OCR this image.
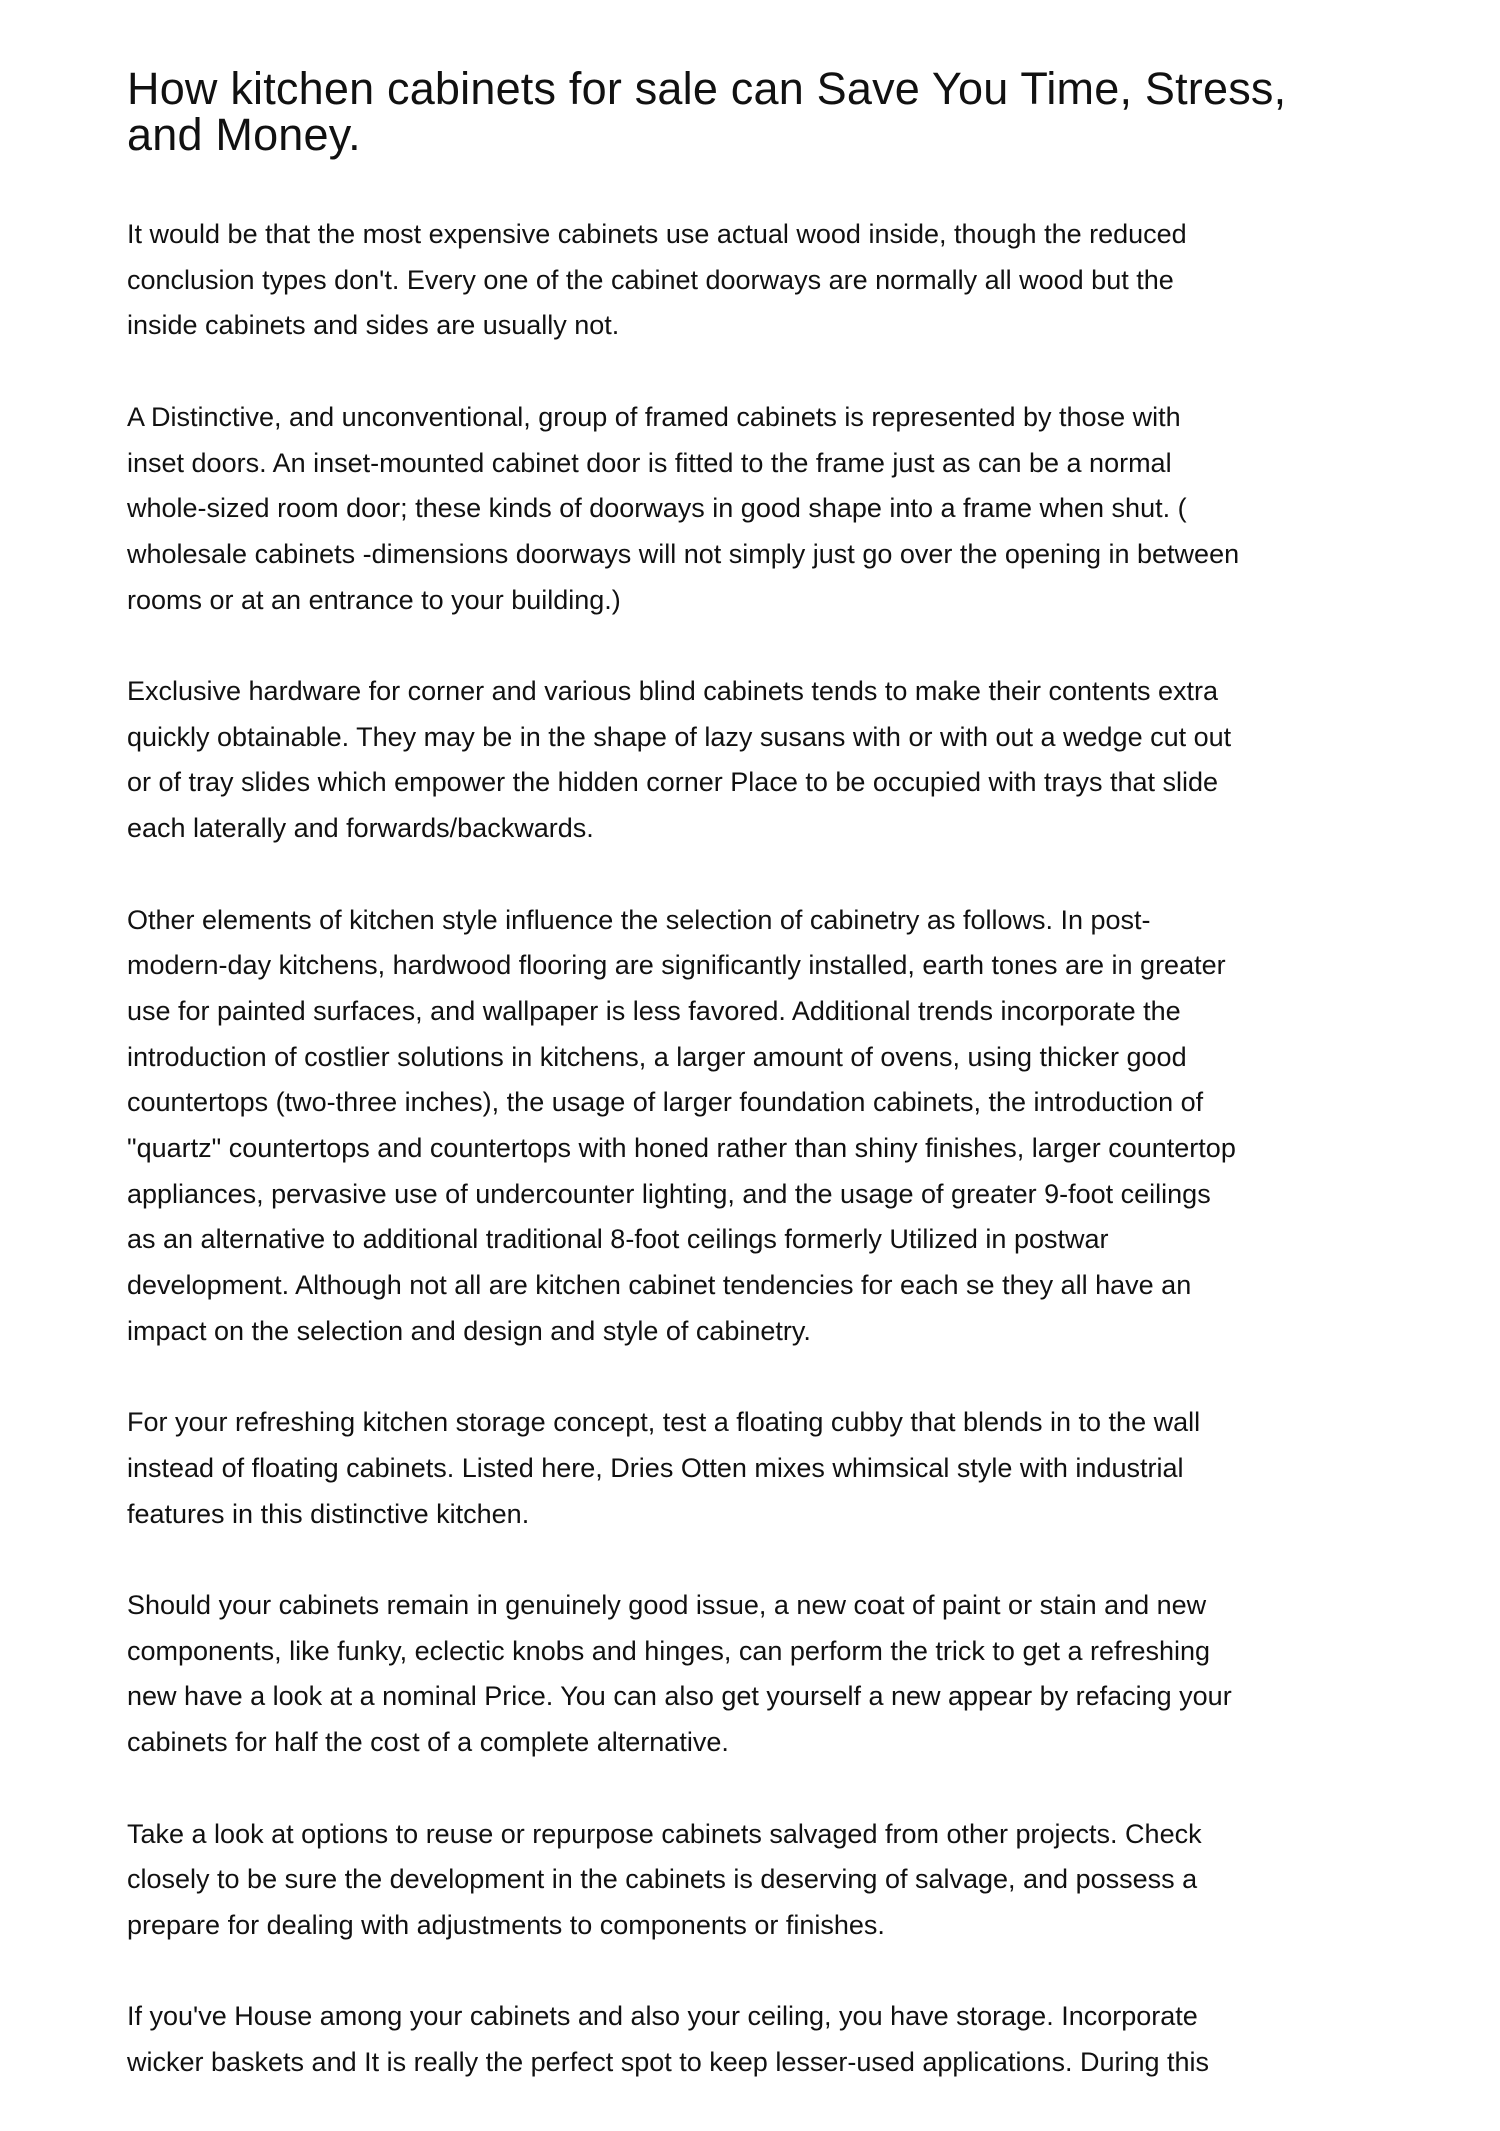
How kitchen cabinets for sale can Save You Time, Stress,
and Money.

It would be that the most expensive cabinets use actual wood inside, though the reduced
conclusion types don't. Every one of the cabinet doorways are normally all wood but the
inside cabinets and sides are usually not.

A Distinctive, and unconventional, group of framed cabinets is represented by those with
inset doors. An inset-mounted cabinet door is fitted to the frame just as can be a normal
whole-sized room door; these kinds of doorways in good shape into a frame when shut. (
wholesale cabinets -dimensions doorways will not simply just go over the opening in between
rooms or at an entrance to your building.)

Exclusive hardware for corner and various blind cabinets tends to make their contents extra
quickly obtainable. They may be in the shape of lazy susans with or with out a wedge cut out
or of tray slides which empower the hidden corner Place to be occupied with trays that slide
each laterally and forwards/backwards.

Other elements of kitchen style influence the selection of cabinetry as follows. In post-
modern-day kitchens, hardwood flooring are significantly installed, earth tones are in greater
use for painted surfaces, and wallpaper is less favored. Additional trends incorporate the
introduction of costlier solutions in kitchens, a larger amount of ovens, using thicker good
countertops (two-three inches), the usage of larger foundation cabinets, the introduction of
"quartz" countertops and countertops with honed rather than shiny finishes, larger countertop
appliances, pervasive use of undercounter lighting, and the usage of greater 9-foot ceilings
as an alternative to additional traditional 8-foot ceilings formerly Utilized in postwar
development. Although not all are kitchen cabinet tendencies for each se they all have an
impact on the selection and design and style of cabinetry.

For your refreshing kitchen storage concept, test a floating cubby that blends in to the wall
instead of floating cabinets. Listed here, Dries Otten mixes whimsical style with industrial
features in this distinctive kitchen.

Should your cabinets remain in genuinely good issue, a new coat of paint or stain and new
components, like funky, eclectic knobs and hinges, can perform the trick to get a refreshing
new have a look at a nominal Price. You can also get yourself a new appear by refacing your
cabinets for half the cost of a complete alternative.

Take a look at options to reuse or repurpose cabinets salvaged from other projects. Check
closely to be sure the development in the cabinets is deserving of salvage, and possess a
prepare for dealing with adjustments to components or finishes.

If you've House among your cabinets and also your ceiling, you have storage. Incorporate
wicker baskets and It is really the perfect spot to keep lesser-used applications. During this
